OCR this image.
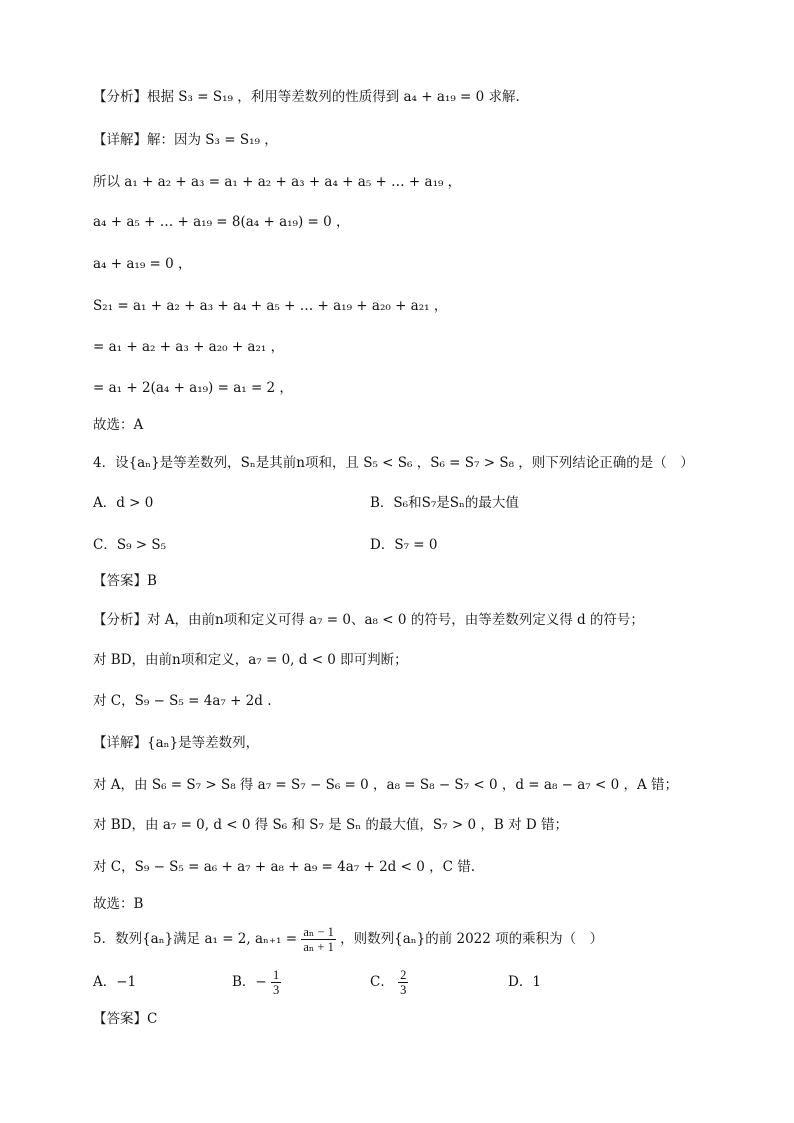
【分析】根据 S₃ = S₁₉ ，利用等差数列的性质得到 a₄ + a₁₉ = 0 求解.
【详解】解：因为 S₃ = S₁₉ ，
所以 a₁ + a₂ + a₃ = a₁ + a₂ + a₃ + a₄ + a₅ + … + a₁₉ ，
a₄ + a₅ + … + a₁₉ = 8(a₄ + a₁₉) = 0 ，
a₄ + a₁₉ = 0 ，
S₂₁ = a₁ + a₂ + a₃ + a₄ + a₅ + … + a₁₉ + a₂₀ + a₂₁ ，
= a₁ + a₂ + a₃ + a₂₀ + a₂₁ ，
= a₁ + 2(a₄ + a₁₉) = a₁ = 2 ，
故选：A
4．设{aₙ}是等差数列，Sₙ是其前n项和，且 S₅ < S₆ ，S₆ = S₇ > S₈ ，则下列结论正确的是（　）
A．d > 0	B．S₆和S₇是Sₙ的最大值
C．S₉ > S₅	D．S₇ = 0
【答案】B
【分析】对 A，由前n项和定义可得 a₇ = 0、a₈ < 0 的符号，由等差数列定义得 d 的符号；
对 BD，由前n项和定义，a₇ = 0, d < 0 即可判断；
对 C，S₉ − S₅ = 4a₇ + 2d .
【详解】{aₙ}是等差数列，
对 A，由 S₆ = S₇ > S₈ 得 a₇ = S₇ − S₆ = 0 ，a₈ = S₈ − S₇ < 0 ，d = a₈ − a₇ < 0 ，A 错；
对 BD，由 a₇ = 0, d < 0 得 S₆ 和 S₇ 是 Sₙ 的最大值，S₇ > 0 ，B 对 D 错；
对 C，S₉ − S₅ = a₆ + a₇ + a₈ + a₉ = 4a₇ + 2d < 0 ，C 错.
故选：B
5．数列{aₙ}满足 a₁ = 2, $a_{n+1} = \frac{\text{aₙ − 1}}{\text{aₙ + 1}}$ ，则数列{aₙ}的前 2022 项的乘积为（　）
A．−1	B．− $\frac{1}{3}$	C． $\frac{2}{3}$	D．1
【答案】C
